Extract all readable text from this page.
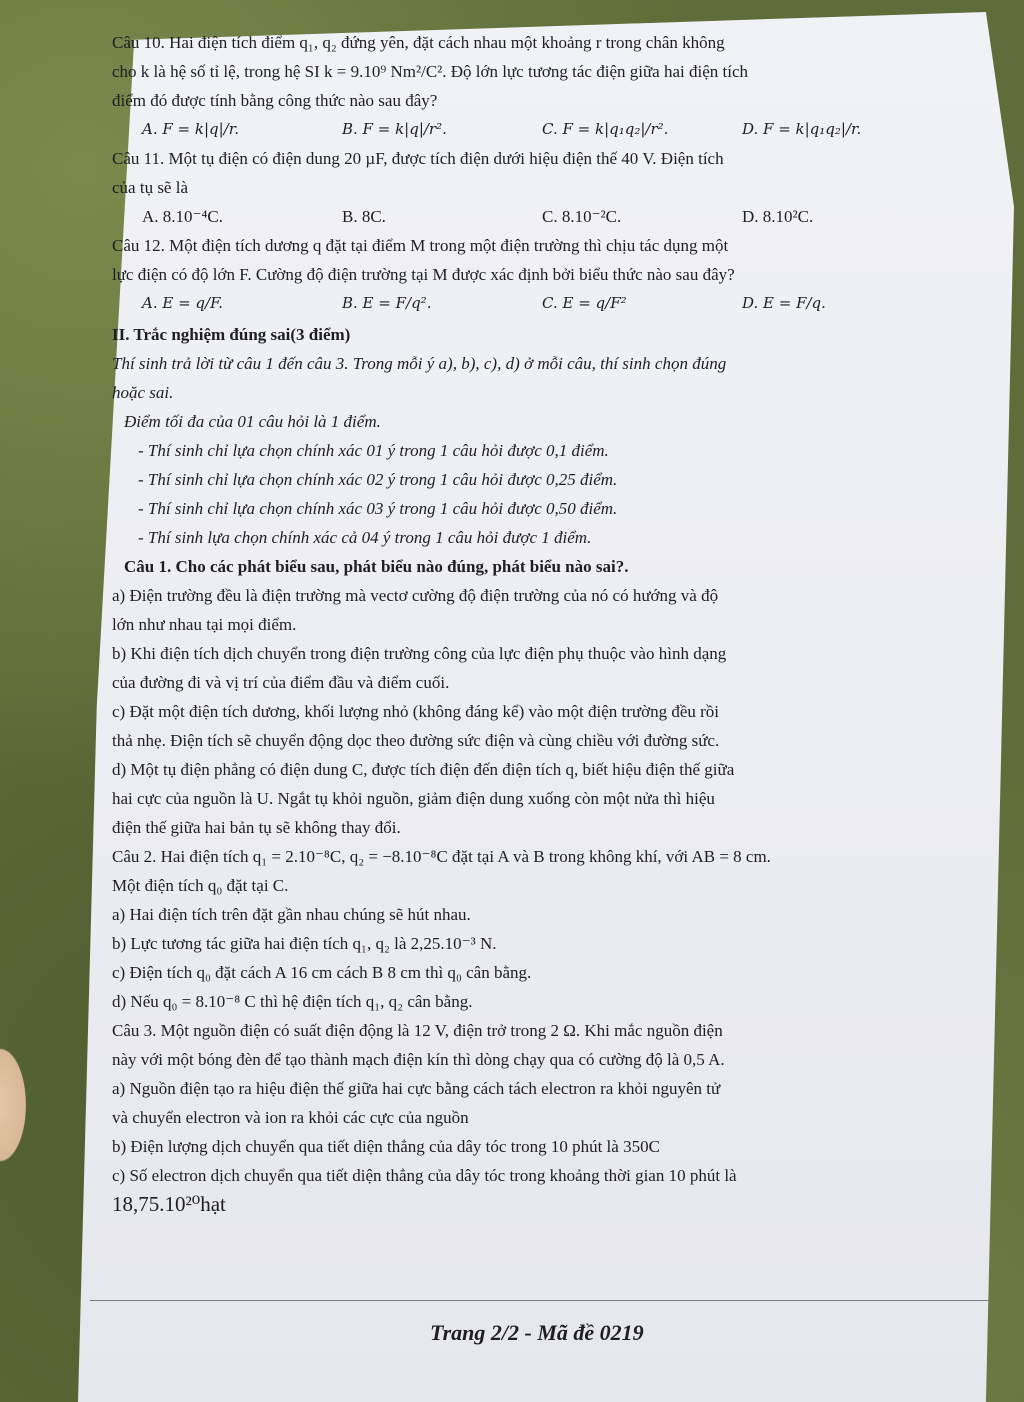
Câu 10. Hai điện tích điểm q₁, q₂ đứng yên, đặt cách nhau một khoảng r trong chân không

cho k là hệ số tỉ lệ, trong hệ SI k = 9.10⁹ Nm²/C². Độ lớn lực tương tác điện giữa hai điện tích

điểm đó được tính bằng công thức nào sau đây?

A. F = k|q|/r.	B. F = k|q|/r².	C. F = k|q₁q₂|/r².	D. F = k|q₁q₂|/r.

Câu 11. Một tụ điện có điện dung 20 µF, được tích điện dưới hiệu điện thế 40 V. Điện tích

của tụ sẽ là

A. 8.10⁻⁴C.	B. 8C.	C. 8.10⁻²C.	D. 8.10²C.

Câu 12. Một điện tích dương q đặt tại điểm M trong một điện trường thì chịu tác dụng một

lực điện có độ lớn F. Cường độ điện trường tại M được xác định bởi biểu thức nào sau đây?

A. E = q/F.	B. E = F/q².	C. E = q/F²	D. E = F/q.

II. Trắc nghiệm đúng sai(3 điểm)

Thí sinh trả lời từ câu 1 đến câu 3. Trong mỗi ý a), b), c), d) ở mỗi câu, thí sinh chọn đúng

hoặc sai.

Điểm tối đa của 01 câu hỏi là 1 điểm.

- Thí sinh chỉ lựa chọn chính xác 01 ý trong 1 câu hỏi được 0,1 điểm.

- Thí sinh chỉ lựa chọn chính xác 02 ý trong 1 câu hỏi được 0,25 điểm.

- Thí sinh chỉ lựa chọn chính xác 03 ý trong 1 câu hỏi được 0,50 điểm.

- Thí sinh lựa chọn chính xác cả 04 ý trong 1 câu hỏi được 1 điểm.

Câu 1. Cho các phát biểu sau, phát biểu nào đúng, phát biểu nào sai?.

a) Điện trường đều là điện trường mà vectơ cường độ điện trường của nó có hướng và độ

lớn như nhau tại mọi điểm.

b) Khi điện tích dịch chuyển trong điện trường công của lực điện phụ thuộc vào hình dạng

của đường đi và vị trí của điểm đầu và điểm cuối.

c) Đặt một điện tích dương, khối lượng nhỏ (không đáng kể) vào một điện trường đều rồi

thả nhẹ. Điện tích sẽ chuyển động dọc theo đường sức điện và cùng chiều với đường sức.

d) Một tụ điện phẳng có điện dung C, được tích điện đến điện tích q, biết hiệu điện thế giữa

hai cực của nguồn là U. Ngắt tụ khỏi nguồn, giảm điện dung xuống còn một nửa thì hiệu

điện thế giữa hai bản tụ sẽ không thay đổi.

Câu 2. Hai điện tích q₁ = 2.10⁻⁸C, q₂ = −8.10⁻⁸C đặt tại A và B trong không khí, với AB = 8 cm.

Một điện tích q₀ đặt tại C.

a) Hai điện tích trên đặt gần nhau chúng sẽ hút nhau.

b) Lực tương tác giữa hai điện tích q₁, q₂ là 2,25.10⁻³ N.

c) Điện tích q₀ đặt cách A 16 cm cách B 8 cm thì q₀ cân bằng.

d) Nếu q₀ = 8.10⁻⁸ C thì hệ điện tích q₁, q₂ cân bằng.

Câu 3. Một nguồn điện có suất điện động là 12 V, điện trở trong 2 Ω. Khi mắc nguồn điện

này với một bóng đèn để tạo thành mạch điện kín thì dòng chạy qua có cường độ là 0,5 A.

a) Nguồn điện tạo ra hiệu điện thế giữa hai cực bằng cách tách electron ra khỏi nguyên tử

và chuyển electron và ion ra khỏi các cực của nguồn

b) Điện lượng dịch chuyển qua tiết diện thẳng của dây tóc trong 10 phút là 350C

c) Số electron dịch chuyển qua tiết diện thẳng của dây tóc trong khoảng thời gian 10 phút là

18,75.10²⁰hạt

Trang 2/2 - Mã đề 0219
